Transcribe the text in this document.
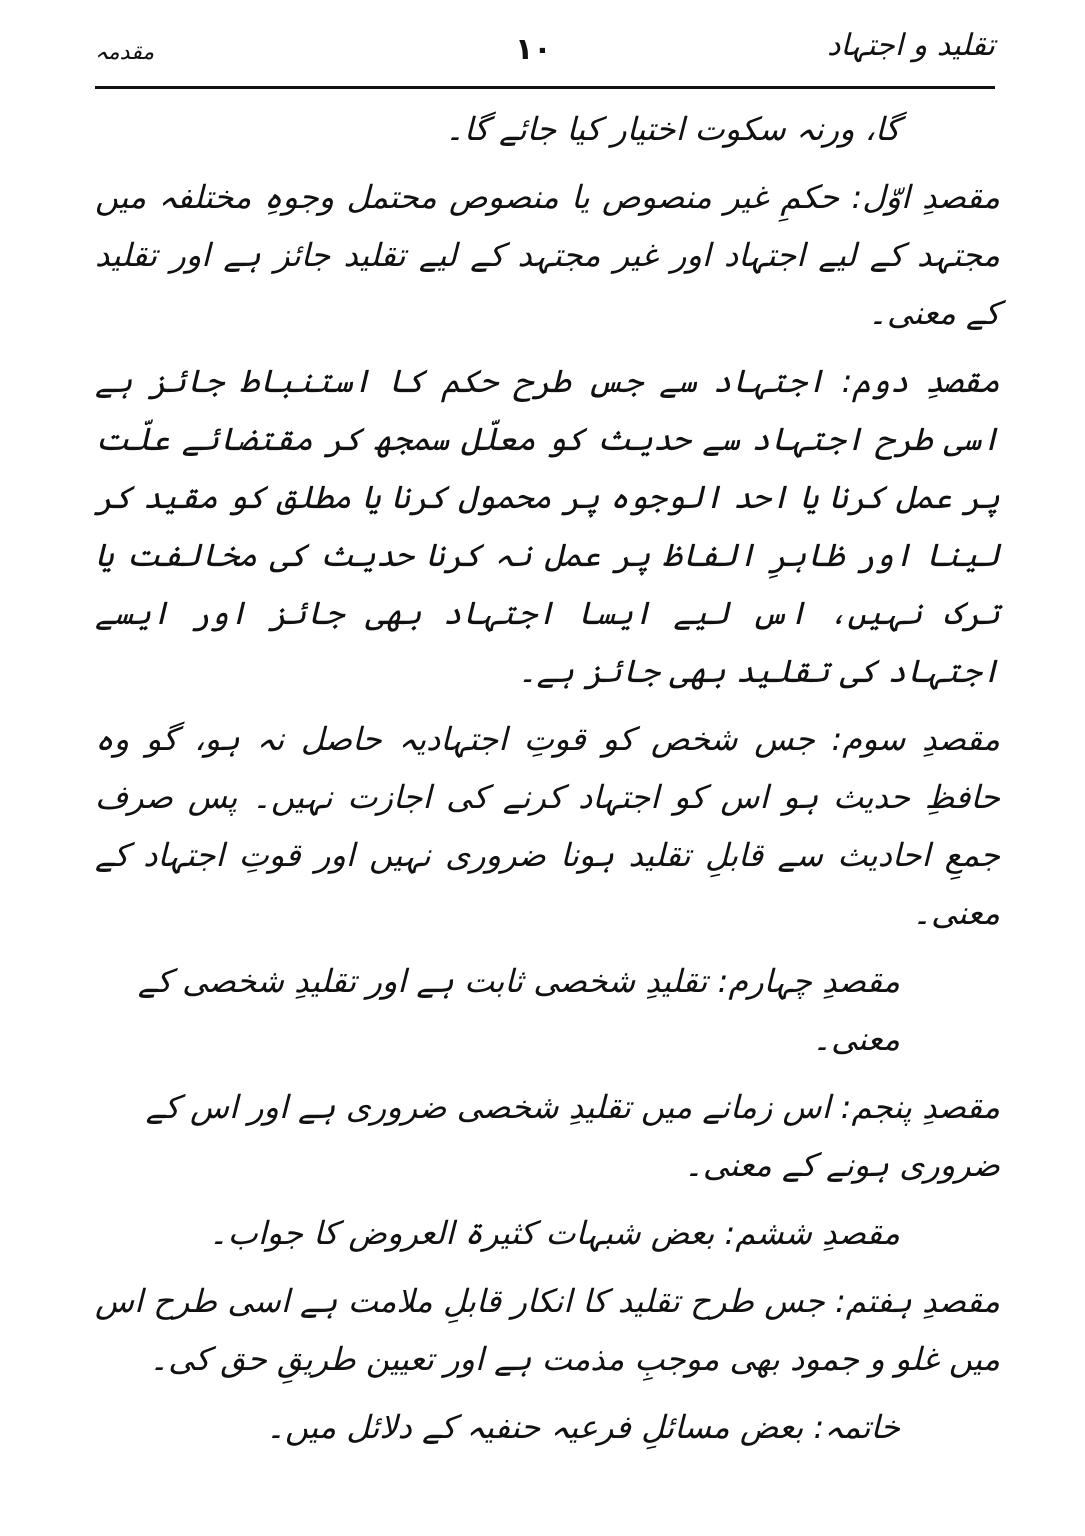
تقلید و اجتہاد
۱۰
مقدمہ

گا، ورنہ سکوت اختیار کیا جائے گا۔

مقصدِ اوّل: حکمِ غیر منصوص یا منصوص محتمل وجوہِ مختلفہ میں مجتہد کے لیے اجتہاد اور غیر مجتہد کے لیے تقلید جائز ہے اور تقلید کے معنی۔

مقصدِ دوم: اجتہاد سے جس طرح حکم کا استنباط جائز ہے اسی طرح اجتہاد سے حدیث کو معلّل سمجھ کر مقتضائے علّت پر عمل کرنا یا احد الوجوہ پر محمول کرنا یا مطلق کو مقید کر لینا اور ظاہرِ الفاظ پر عمل نہ کرنا حدیث کی مخالفت یا ترک نہیں، اس لیے ایسا اجتہاد بھی جائز اور ایسے اجتہاد کی تقلید بھی جائز ہے۔

مقصدِ سوم: جس شخص کو قوتِ اجتہادیہ حاصل نہ ہو، گو وہ حافظِ حدیث ہو اس کو اجتہاد کرنے کی اجازت نہیں۔ پس صرف جمعِ احادیث سے قابلِ تقلید ہونا ضروری نہیں اور قوتِ اجتہاد کے معنی۔

مقصدِ چہارم: تقلیدِ شخصی ثابت ہے اور تقلیدِ شخصی کے معنی۔

مقصدِ پنجم: اس زمانے میں تقلیدِ شخصی ضروری ہے اور اس کے ضروری ہونے کے معنی۔

مقصدِ ششم: بعض شبہات کثیرۃ العروض کا جواب۔

مقصدِ ہفتم: جس طرح تقلید کا انکار قابلِ ملامت ہے اسی طرح اس میں غلو و جمود بھی موجبِ مذمت ہے اور تعیین طریقِ حق کی۔

خاتمہ: بعض مسائلِ فرعیہ حنفیہ کے دلائل میں۔
